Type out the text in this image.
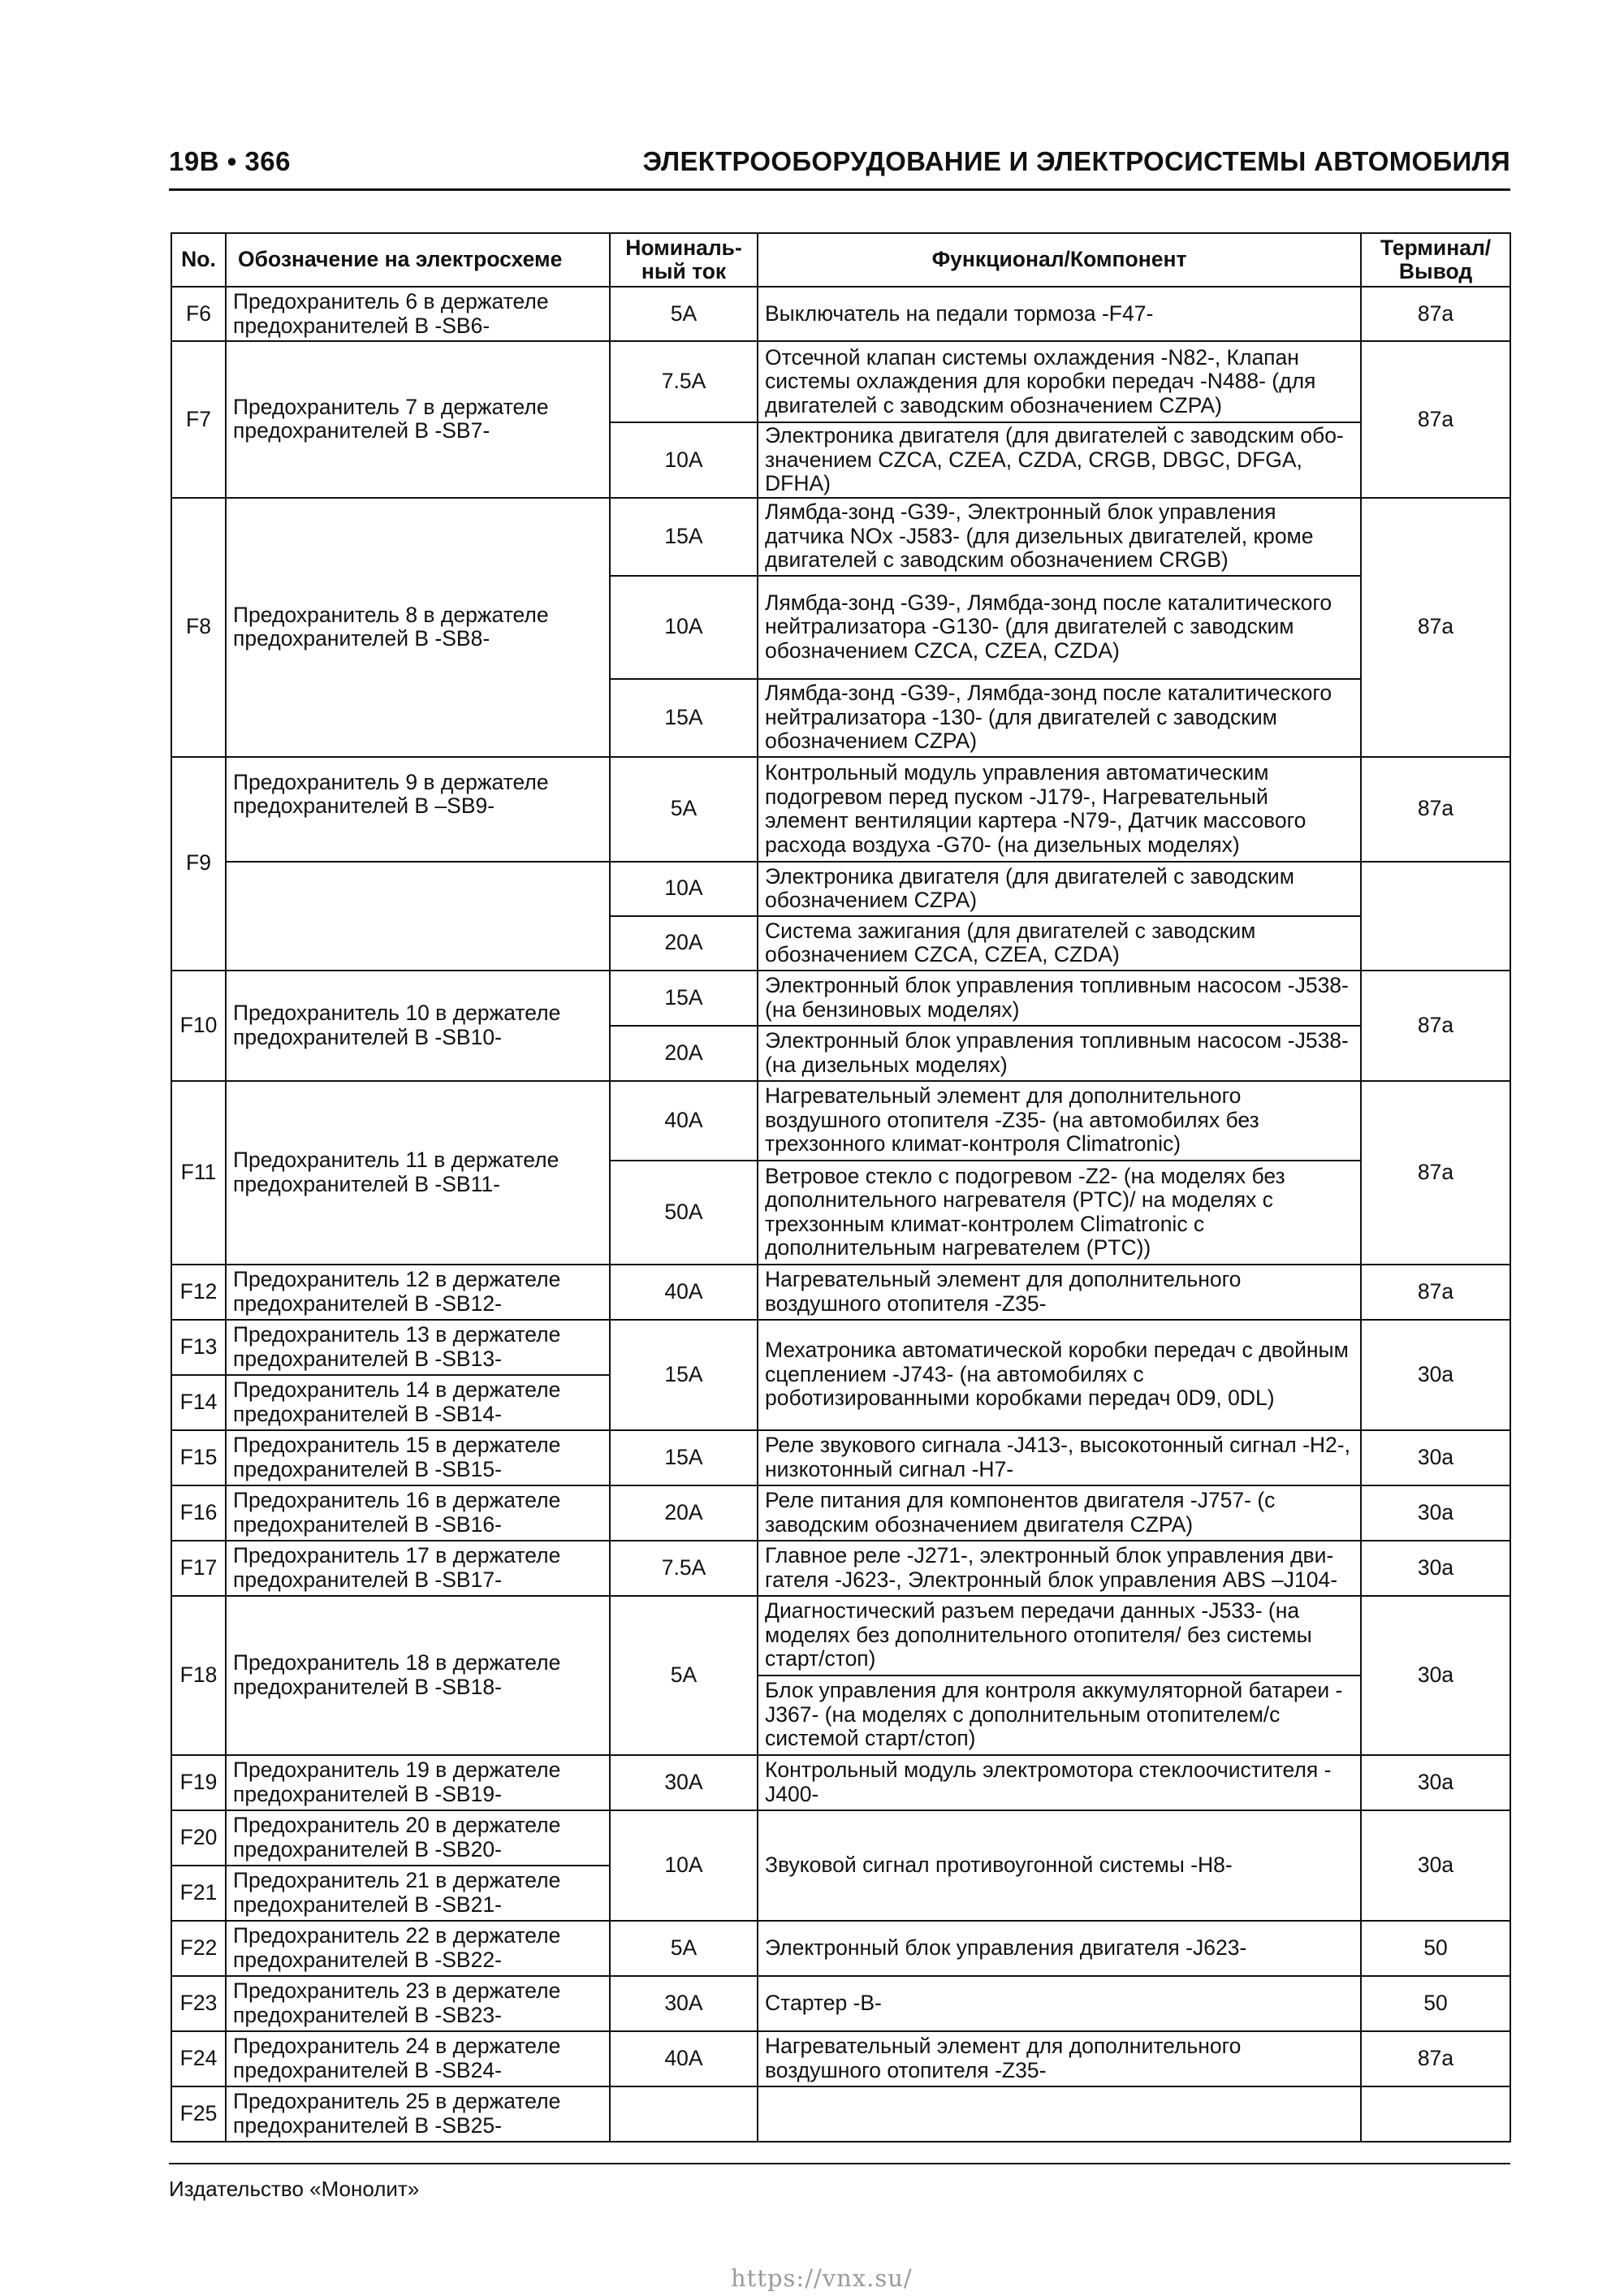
19B • 366	ЭЛЕКТРООБОРУДОВАНИЕ И ЭЛЕКТРОСИСТЕМЫ АВТОМОБИЛЯ
No.	Обозначение на электросхеме	Номиналь-ный ток	Функционал/Компонент	Терминал/ Вывод
F6	Предохранитель 6 в держателе предохранителей В -SB6-	5A	Выключатель на педали тормоза -F47-	87a
F7	Предохранитель 7 в держателе предохранителей В -SB7-	7.5A	Отсечной клапан системы охлаждения -N82-, Клапан системы охлаждения для коробки передач -N488- (для двигателей с заводским обозначением CZPA)	87a
		10A	Электроника двигателя (для двигателей с заводским обо-значением CZCA, CZEA, CZDA, CRGB, DBGC, DFGA, DFHA)	
F8	Предохранитель 8 в держателе предохранителей В -SB8-	15A	Лямбда-зонд -G39-, Электронный блок управления датчика NOx -J583- (для дизельных двигателей, кроме двигателей с заводским обозначением CRGB)	87a
		10A	Лямбда-зонд -G39-, Лямбда-зонд после каталитического нейтрализатора -G130- (для двигателей с заводским обозначением CZCA, CZEA, CZDA)	
		15A	Лямбда-зонд -G39-, Лямбда-зонд после каталитического нейтрализатора -130- (для двигателей с заводским обозначением CZPA)	
F9	Предохранитель 9 в держателе предохранителей В –SB9-	5A	Контрольный модуль управления автоматическим подогревом перед пуском -J179-, Нагревательный элемент вентиляции картера -N79-, Датчик массового расхода воздуха -G70- (на дизельных моделях)	87a
		10A	Электроника двигателя (для двигателей с заводским обозначением CZPA)	
		20A	Система зажигания (для двигателей с заводским обозначением CZCA, CZEA, CZDA)	
F10	Предохранитель 10 в держателе предохранителей В -SB10-	15A	Электронный блок управления топливным насосом -J538- (на бензиновых моделях)	87a
		20A	Электронный блок управления топливным насосом -J538- (на дизельных моделях)	
F11	Предохранитель 11 в держателе предохранителей В -SB11-	40A	Нагревательный элемент для дополнительного воздушного отопителя -Z35- (на автомобилях без трехзонного климат-контроля Climatronic)	87a
		50A	Ветровое стекло с подогревом -Z2- (на моделях без дополнительного нагревателя (PTC)/ на моделях с трехзонным климат-контролем Climatronic с дополнительным нагревателем (PTC))	
F12	Предохранитель 12 в держателе предохранителей В -SB12-	40A	Нагревательный элемент для дополнительного воздушного отопителя -Z35-	87a
F13	Предохранитель 13 в держателе предохранителей В -SB13-	15A	Мехатроника автоматической коробки передач с двойным сцеплением -J743- (на автомобилях с роботизированными коробками передач 0D9, 0DL)	30a
F14	Предохранитель 14 в держателе предохранителей В -SB14-			
F15	Предохранитель 15 в держателе предохранителей В -SB15-	15A	Реле звукового сигнала -J413-, высокотонный сигнал -H2-, низкотонный сигнал -H7-	30a
F16	Предохранитель 16 в держателе предохранителей В -SB16-	20A	Реле питания для компонентов двигателя -J757- (с заводским обозначением двигателя CZPA)	30a
F17	Предохранитель 17 в держателе предохранителей В -SB17-	7.5A	Главное реле -J271-, электронный блок управления дви-гателя -J623-, Электронный блок управления ABS –J104-	30a
F18	Предохранитель 18 в держателе предохранителей В -SB18-	5A	Диагностический разъем передачи данных -J533- (на моделях без дополнительного отопителя/ без системы старт/стоп)	30a
			Блок управления для контроля аккумуляторной батареи -J367- (на моделях с дополнительным отопителем/с системой старт/стоп)	
F19	Предохранитель 19 в держателе предохранителей В -SB19-	30A	Контрольный модуль электромотора стеклоочистителя -J400-	30a
F20	Предохранитель 20 в держателе предохранителей В -SB20-	10A	Звуковой сигнал противоугонной системы -H8-	30a
F21	Предохранитель 21 в держателе предохранителей В -SB21-			
F22	Предохранитель 22 в держателе предохранителей В -SB22-	5A	Электронный блок управления двигателя -J623-	50
F23	Предохранитель 23 в держателе предохранителей В -SB23-	30A	Стартер -B-	50
F24	Предохранитель 24 в держателе предохранителей В -SB24-	40A	Нагревательный элемент для дополнительного воздушного отопителя -Z35-	87a
F25	Предохранитель 25 в держателе предохранителей В -SB25-			
Издательство «Монолит»
https://vnx.su/
